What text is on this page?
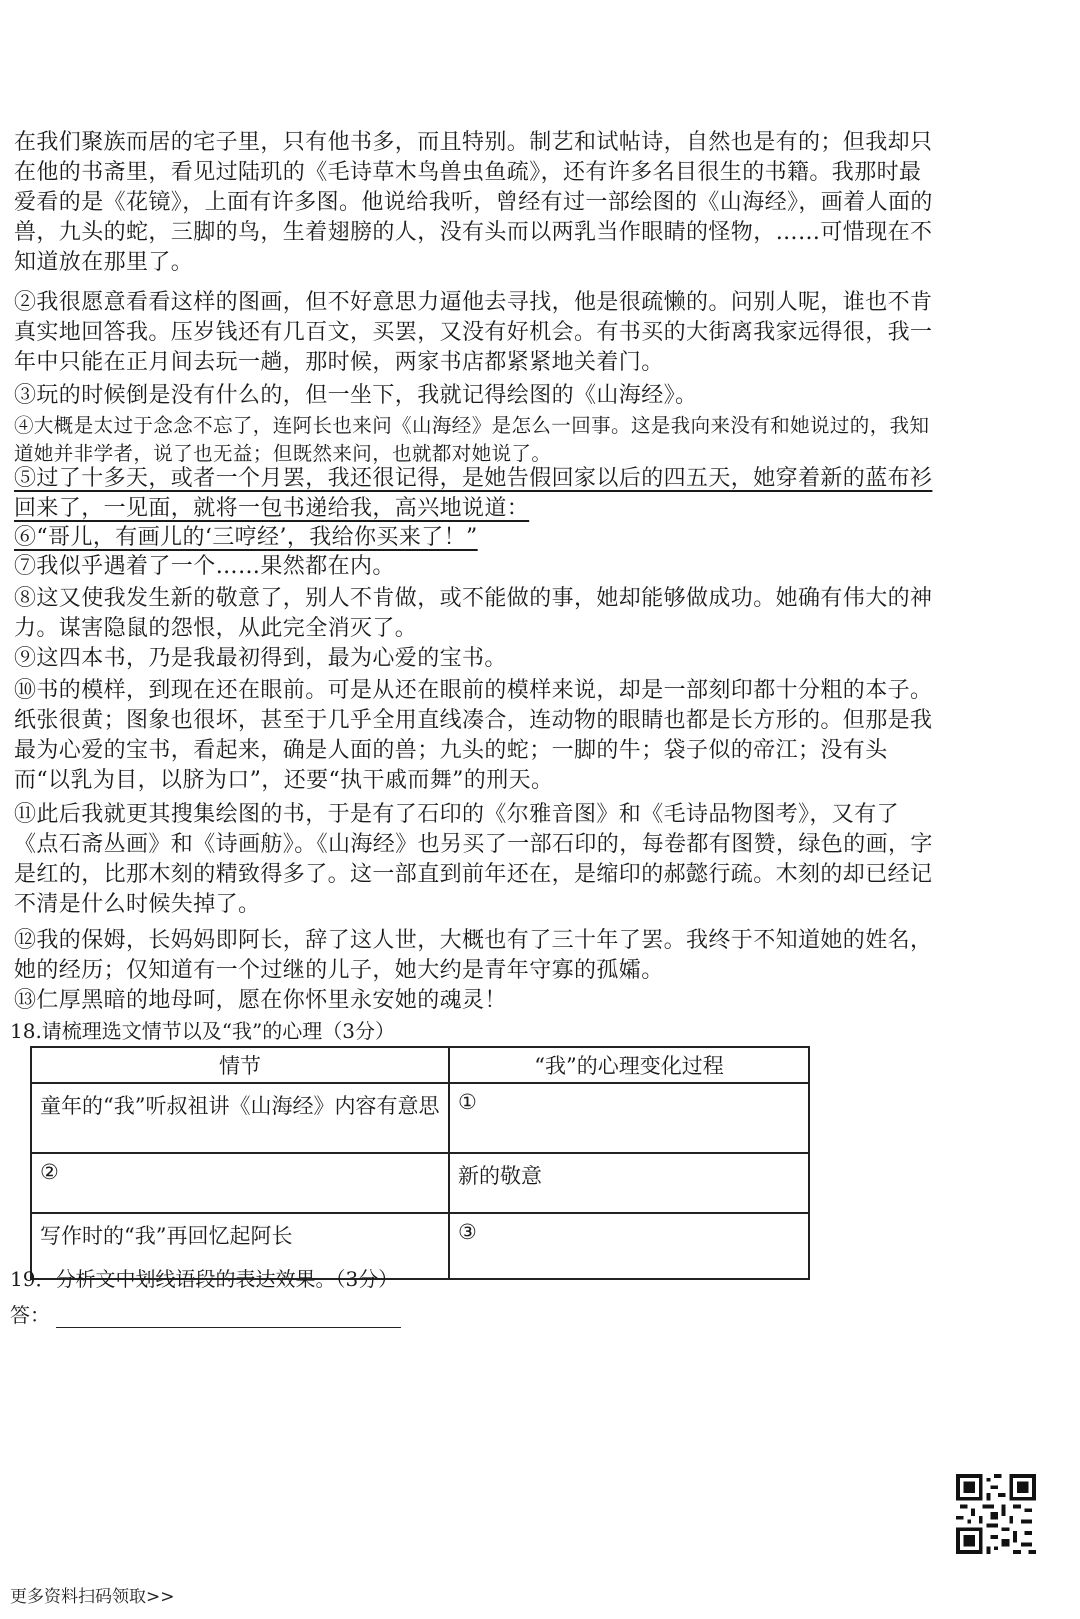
在我们聚族而居的宅子里，只有他书多，而且特别。制艺和试帖诗，自然也是有的；但我却只在他的书斋里，看见过陆玑的《毛诗草木鸟兽虫鱼疏》，还有许多名目很生的书籍。我那时最爱看的是《花镜》，上面有许多图。他说给我听，曾经有过一部绘图的《山海经》，画着人面的兽，九头的蛇，三脚的鸟，生着翅膀的人，没有头而以两乳当作眼睛的怪物，……可惜现在不知道放在那里了。

②我很愿意看看这样的图画，但不好意思力逼他去寻找，他是很疏懒的。问别人呢，谁也不肯真实地回答我。压岁钱还有几百文，买罢，又没有好机会。有书买的大街离我家远得很，我一年中只能在正月间去玩一趟，那时候，两家书店都紧紧地关着门。

③玩的时候倒是没有什么的，但一坐下，我就记得绘图的《山海经》。

④大概是太过于念念不忘了，连阿长也来问《山海经》是怎么一回事。这是我向来没有和她说过的，我知道她并非学者，说了也无益；但既然来问，也就都对她说了。

⑤过了十多天，或者一个月罢，我还很记得，是她告假回家以后的四五天，她穿着新的蓝布衫回来了，一见面，就将一包书递给我，高兴地说道：

⑥“哥儿，有画儿的‘三哼经’，我给你买来了！”

⑦我似乎遇着了一个……果然都在内。

⑧这又使我发生新的敬意了，别人不肯做，或不能做的事，她却能够做成功。她确有伟大的神力。谋害隐鼠的怨恨，从此完全消灭了。

⑨这四本书，乃是我最初得到，最为心爱的宝书。

⑩书的模样，到现在还在眼前。可是从还在眼前的模样来说，却是一部刻印都十分粗的本子。纸张很黄；图象也很坏，甚至于几乎全用直线凑合，连动物的眼睛也都是长方形的。但那是我最为心爱的宝书，看起来，确是人面的兽；九头的蛇；一脚的牛；袋子似的帝江；没有头而“以乳为目，以脐为口”，还要“执干戚而舞”的刑天。

⑪此后我就更其搜集绘图的书，于是有了石印的《尔雅音图》和《毛诗品物图考》，又有了《点石斋丛画》和《诗画舫》。《山海经》也另买了一部石印的，每卷都有图赞，绿色的画，字是红的，比那木刻的精致得多了。这一部直到前年还在，是缩印的郝懿行疏。木刻的却已经记不清是什么时候失掉了。

⑫我的保姆，长妈妈即阿长，辞了这人世，大概也有了三十年了罢。我终于不知道她的姓名，她的经历；仅知道有一个过继的儿子，她大约是青年守寡的孤孀。

⑬仁厚黑暗的地母呵，愿在你怀里永安她的魂灵！

18.请梳理选文情节以及“我”的心理（3分）

情节	“我”的心理变化过程
童年的“我”听叔祖讲《山海经》内容有意思	①
②	新的敬意
写作时的“我”再回忆起阿长	③

19．分析文中划线语段的表达效果。（3分）

答：

更多资料扫码领取>>
